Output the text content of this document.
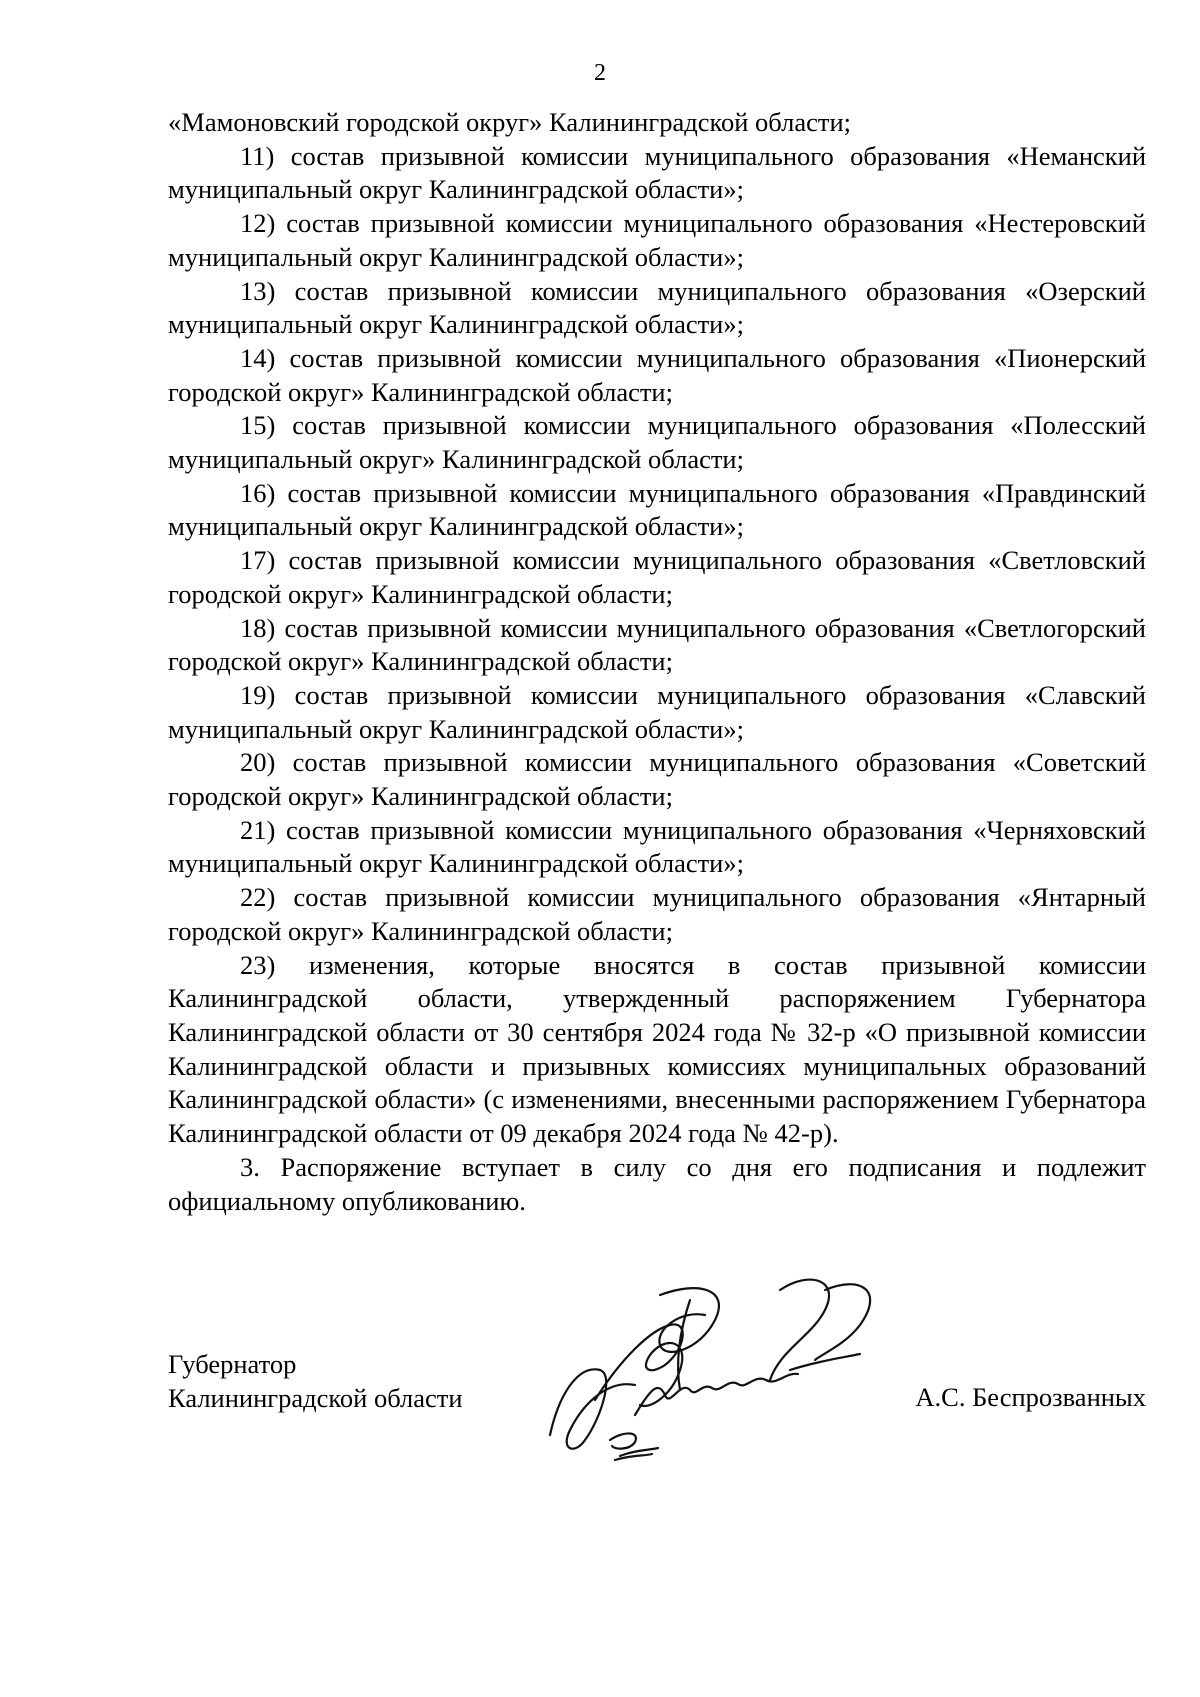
2

«Мамоновский городской округ» Калининградской области;

11) состав призывной комиссии муниципального образования «Неманский муниципальный округ Калининградской области»;

12) состав призывной комиссии муниципального образования «Нестеровский муниципальный округ Калининградской области»;

13) состав призывной комиссии муниципального образования «Озерский муниципальный округ Калининградской области»;

14) состав призывной комиссии муниципального образования «Пионерский городской округ» Калининградской области;

15) состав призывной комиссии муниципального образования «Полесский муниципальный округ» Калининградской области;

16) состав призывной комиссии муниципального образования «Правдинский муниципальный округ Калининградской области»;

17) состав призывной комиссии муниципального образования «Светловский городской округ» Калининградской области;

18) состав призывной комиссии муниципального образования «Светлогорский городской округ» Калининградской области;

19) состав призывной комиссии муниципального образования «Славский муниципальный округ Калининградской области»;

20) состав призывной комиссии муниципального образования «Советский городской округ» Калининградской области;

21) состав призывной комиссии муниципального образования «Черняховский муниципальный округ Калининградской области»;

22) состав призывной комиссии муниципального образования «Янтарный городской округ» Калининградской области;

23) изменения, которые вносятся в состав призывной комиссии Калининградской области, утвержденный распоряжением Губернатора Калининградской области от 30 сентября 2024 года № 32-р «О призывной комиссии Калининградской области и призывных комиссиях муниципальных образований Калининградской области» (с изменениями, внесенными распоряжением Губернатора Калининградской области от 09 декабря 2024 года № 42-р).

3. Распоряжение вступает в силу со дня его подписания и подлежит официальному опубликованию.

Губернатор
Калининградской области	А.С. Беспрозванных
